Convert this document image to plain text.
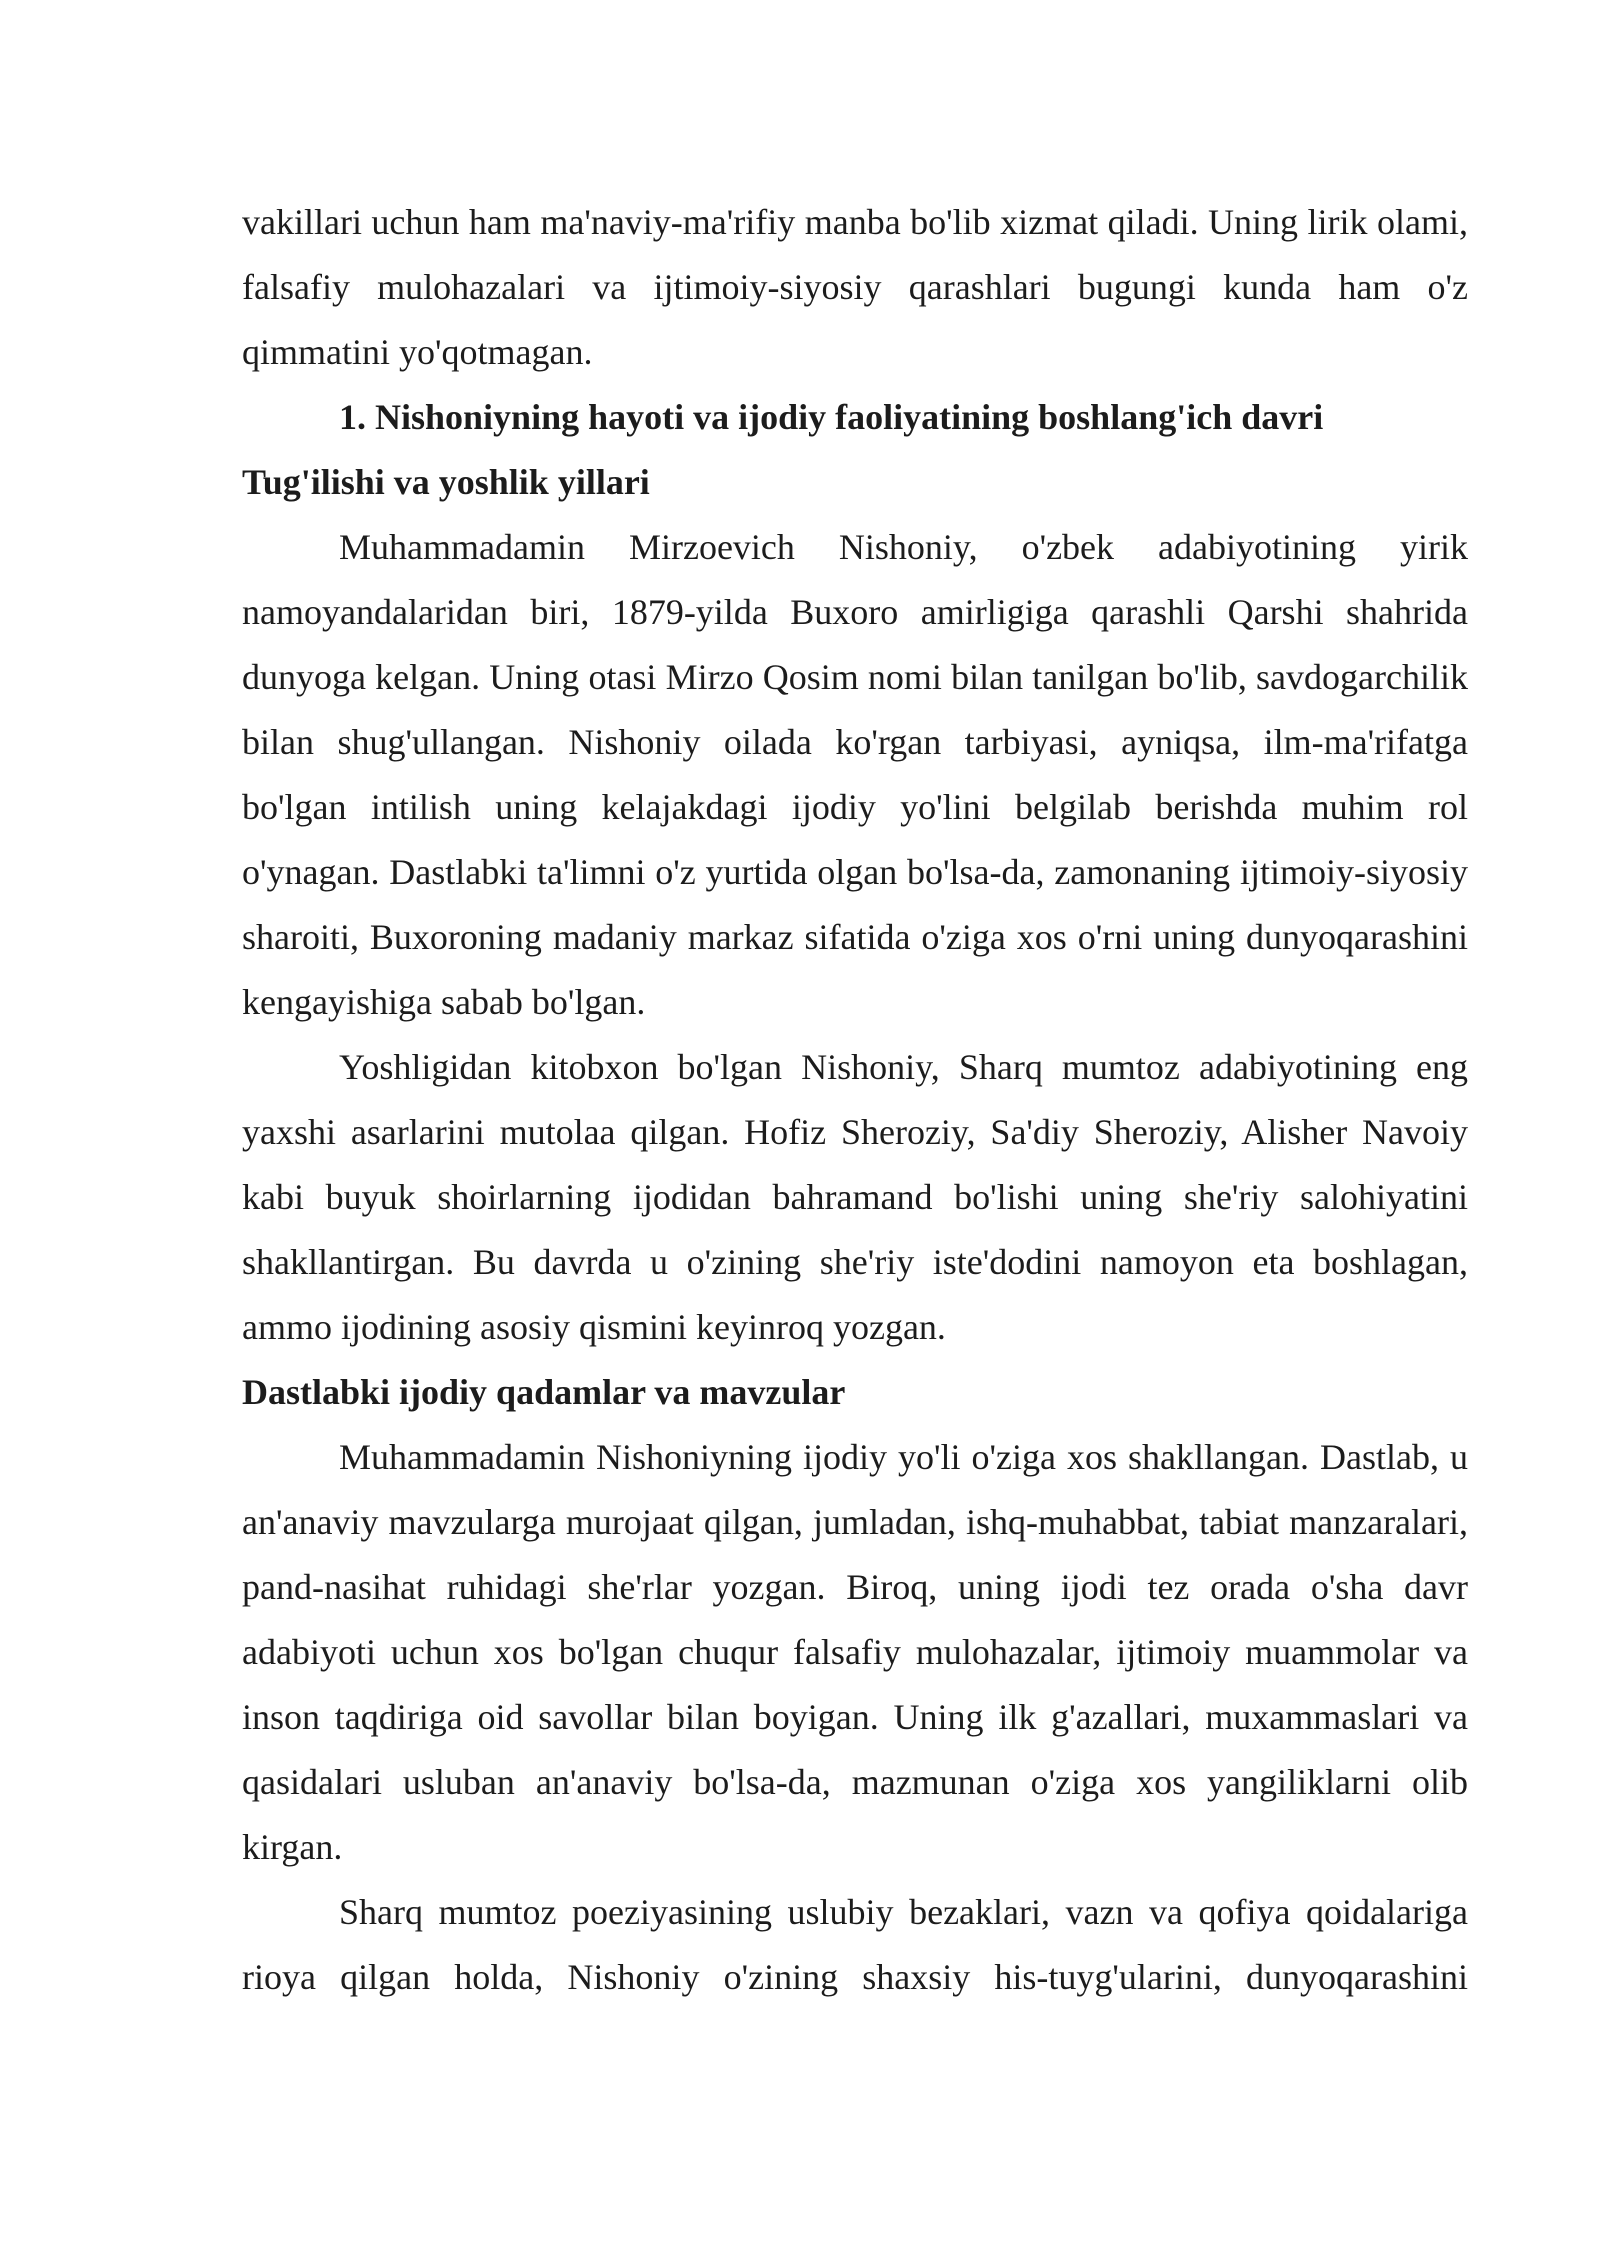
vakillari uchun ham ma'naviy-ma'rifiy manba bo'lib xizmat qiladi. Uning lirik olami, falsafiy mulohazalari va ijtimoiy-siyosiy qarashlari bugungi kunda ham o'z qimmatini yo'qotmagan.

1. Nishoniyning hayoti va ijodiy faoliyatining boshlang'ich davri

Tug'ilishi va yoshlik yillari

Muhammadamin Mirzoevich Nishoniy, o'zbek adabiyotining yirik namoyandalaridan biri, 1879-yilda Buxoro amirligiga qarashli Qarshi shahrida dunyoga kelgan. Uning otasi Mirzo Qosim nomi bilan tanilgan bo'lib, savdogarchilik bilan shug'ullangan. Nishoniy oilada ko'rgan tarbiyasi, ayniqsa, ilm-ma'rifatga bo'lgan intilish uning kelajakdagi ijodiy yo'lini belgilab berishda muhim rol o'ynagan. Dastlabki ta'limni o'z yurtida olgan bo'lsa-da, zamonaning ijtimoiy-siyosiy sharoiti, Buxoroning madaniy markaz sifatida o'ziga xos o'rni uning dunyoqarashini kengayishiga sabab bo'lgan.

Yoshligidan kitobxon bo'lgan Nishoniy, Sharq mumtoz adabiyotining eng yaxshi asarlarini mutolaa qilgan. Hofiz Sheroziy, Sa'diy Sheroziy, Alisher Navoiy kabi buyuk shoirlarning ijodidan bahramand bo'lishi uning she'riy salohiyatini shakllantirgan. Bu davrda u o'zining she'riy iste'dodini namoyon eta boshlagan, ammo ijodining asosiy qismini keyinroq yozgan.

Dastlabki ijodiy qadamlar va mavzular

Muhammadamin Nishoniyning ijodiy yo'li o'ziga xos shakllangan. Dastlab, u an'anaviy mavzularga murojaat qilgan, jumladan, ishq-muhabbat, tabiat manzaralari, pand-nasihat ruhidagi she'rlar yozgan. Biroq, uning ijodi tez orada o'sha davr adabiyoti uchun xos bo'lgan chuqur falsafiy mulohazalar, ijtimoiy muammolar va inson taqdiriga oid savollar bilan boyigan. Uning ilk g'azallari, muxammaslari va qasidalari usluban an'anaviy bo'lsa-da, mazmunan o'ziga xos yangiliklarni olib kirgan.

Sharq mumtoz poeziyasining uslubiy bezaklari, vazn va qofiya qoidalariga rioya qilgan holda, Nishoniy o'zining shaxsiy his-tuyg'ularini, dunyoqarashini
